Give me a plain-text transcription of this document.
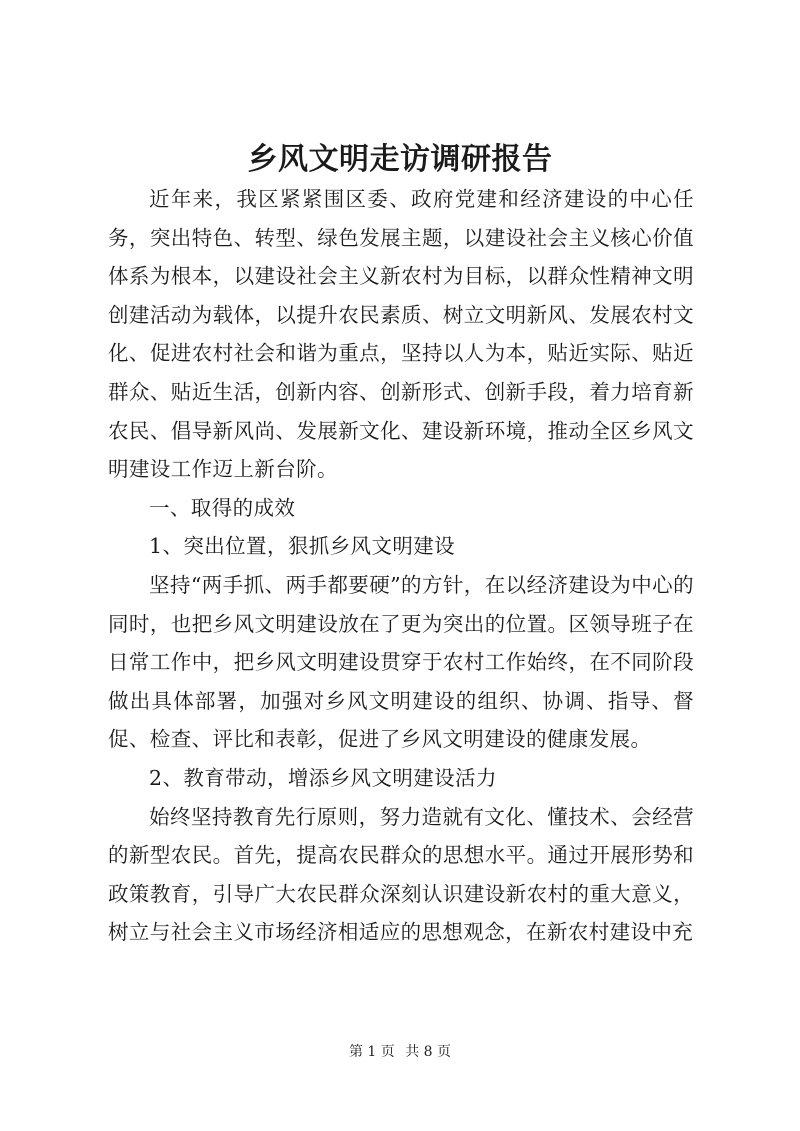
乡风文明走访调研报告

近年来，我区紧紧围区委、政府党建和经济建设的中心任务，突出特色、转型、绿色发展主题，以建设社会主义核心价值体系为根本，以建设社会主义新农村为目标，以群众性精神文明创建活动为载体，以提升农民素质、树立文明新风、发展农村文化、促进农村社会和谐为重点，坚持以人为本，贴近实际、贴近群众、贴近生活，创新内容、创新形式、创新手段，着力培育新农民、倡导新风尚、发展新文化、建设新环境，推动全区乡风文明建设工作迈上新台阶。

一、取得的成效

1、突出位置，狠抓乡风文明建设

坚持“两手抓、两手都要硬”的方针，在以经济建设为中心的同时，也把乡风文明建设放在了更为突出的位置。区领导班子在日常工作中，把乡风文明建设贯穿于农村工作始终，在不同阶段做出具体部署，加强对乡风文明建设的组织、协调、指导、督促、检查、评比和表彰，促进了乡风文明建设的健康发展。

2、教育带动，增添乡风文明建设活力

始终坚持教育先行原则，努力造就有文化、懂技术、会经营的新型农民。首先，提高农民群众的思想水平。通过开展形势和政策教育，引导广大农民群众深刻认识建设新农村的重大意义，树立与社会主义市场经济相适应的思想观念，在新农村建设中充

第 1 页 共 8 页
